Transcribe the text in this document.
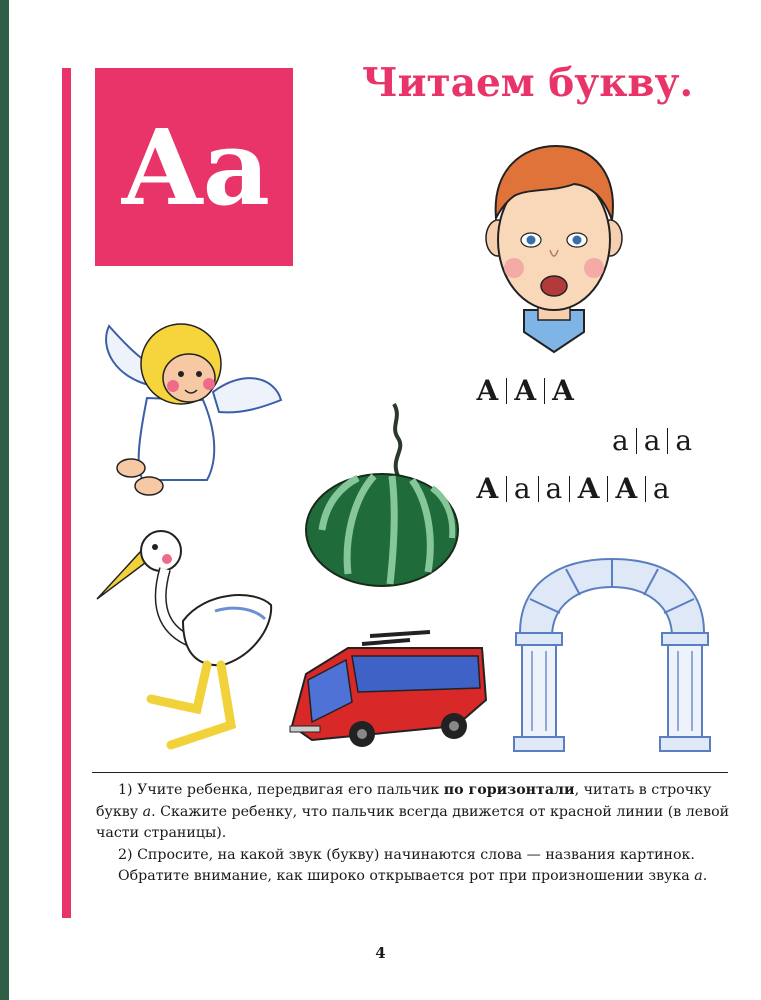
Аа
Читаем букву.
А А А
а а а
А а а А А а

1) Учите ребенка, передвигая его пальчик по горизонтали, читать в строчку букву а. Скажите ребенку, что пальчик всегда движется от красной линии (в левой части страницы).

2) Спросите, на какой звук (букву) начинаются слова — названия картинок.

Обратите внимание, как широко открывается рот при произношении звука а.

4
